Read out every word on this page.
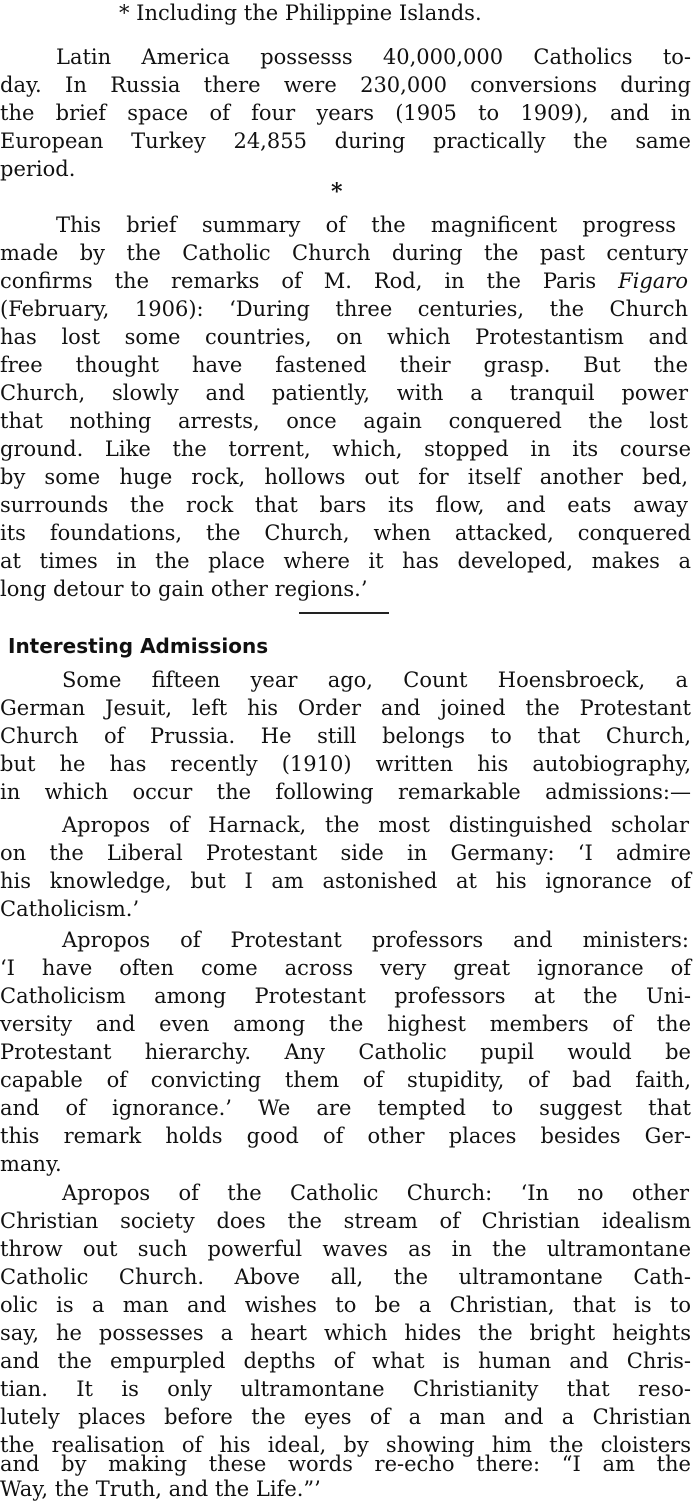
* Including the Philippine Islands.
Latin America possesss 40,000,000 Catholics to-
day. In Russia there were 230,000 conversions during
the brief space of four years (1905 to 1909), and in
European Turkey 24,855 during practically the same
period.
*
This brief summary of the magnificent progress
made by the Catholic Church during the past century
confirms the remarks of M. Rod, in the Paris Figaro
(February, 1906): ‘During three centuries, the Church
has lost some countries, on which Protestantism and
free thought have fastened their grasp. But the
Church, slowly and patiently, with a tranquil power
that nothing arrests, once again conquered the lost
ground. Like the torrent, which, stopped in its course
by some huge rock, hollows out for itself another bed,
surrounds the rock that bars its flow, and eats away
its foundations, the Church, when attacked, conquered
at times in the place where it has developed, makes a
long detour to gain other regions.’
Interesting Admissions
Some fifteen year ago, Count Hoensbroeck, a
German Jesuit, left his Order and joined the Protestant
Church of Prussia. He still belongs to that Church,
but he has recently (1910) written his autobiography,
in which occur the following remarkable admissions:—
Apropos of Harnack, the most distinguished scholar
on the Liberal Protestant side in Germany: ‘I admire
his knowledge, but I am astonished at his ignorance of
Catholicism.’
Apropos of Protestant professors and ministers:
‘I have often come across very great ignorance of
Catholicism among Protestant professors at the Uni-
versity and even among the highest members of the
Protestant hierarchy. Any Catholic pupil would be
capable of convicting them of stupidity, of bad faith,
and of ignorance.’ We are tempted to suggest that
this remark holds good of other places besides Ger-
many.
Apropos of the Catholic Church: ‘In no other
Christian society does the stream of Christian idealism
throw out such powerful waves as in the ultramontane
Catholic Church. Above all, the ultramontane Cath-
olic is a man and wishes to be a Christian, that is to
say, he possesses a heart which hides the bright heights
and the empurpled depths of what is human and Chris-
tian. It is only ultramontane Christianity that reso-
lutely places before the eyes of a man and a Christian
the realisation of his ideal, by showing him the cloisters
and by making these words re-echo there: “I am the
Way, the Truth, and the Life.”’
